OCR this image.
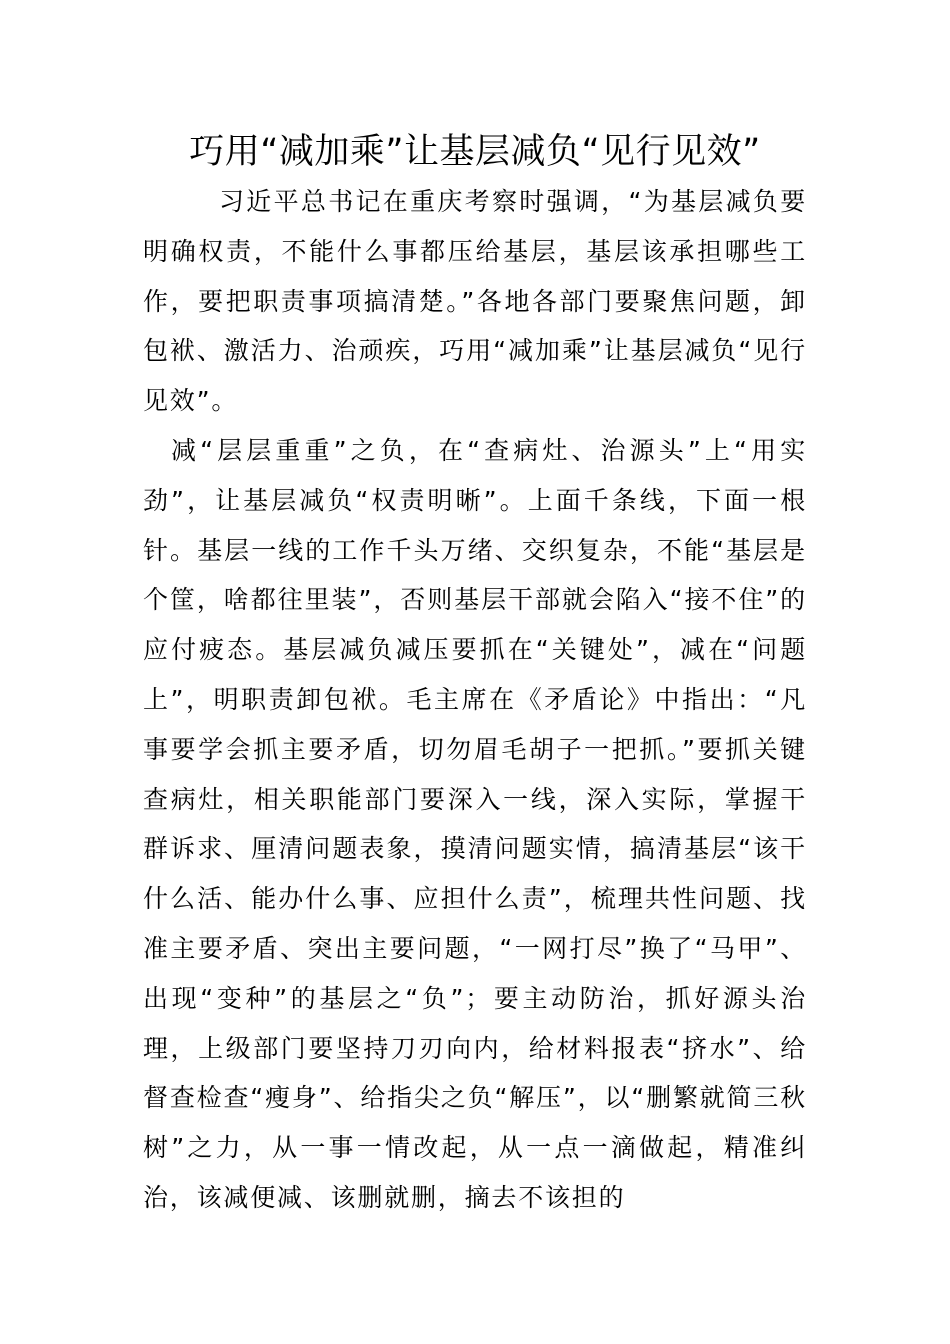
巧用“减加乘”让基层减负“见行见效”

习近平总书记在重庆考察时强调，“为基层减负要明确权责，不能什么事都压给基层，基层该承担哪些工作，要把职责事项搞清楚。”各地各部门要聚焦问题，卸包袱、激活力、治顽疾，巧用“减加乘”让基层减负“见行见效”。

减“层层重重”之负，在“查病灶、治源头”上“用实劲”，让基层减负“权责明晰”。上面千条线，下面一根针。基层一线的工作千头万绪、交织复杂，不能“基层是个筐，啥都往里装”，否则基层干部就会陷入“接不住”的应付疲态。基层减负减压要抓在“关键处”，减在“问题上”，明职责卸包袱。毛主席在《矛盾论》中指出：“凡事要学会抓主要矛盾，切勿眉毛胡子一把抓。”要抓关键查病灶，相关职能部门要深入一线，深入实际，掌握干群诉求、厘清问题表象，摸清问题实情，搞清基层“该干什么活、能办什么事、应担什么责”，梳理共性问题、找准主要矛盾、突出主要问题，“一网打尽”换了“马甲”、出现“变种”的基层之“负”；要主动防治，抓好源头治理，上级部门要坚持刀刃向内，给材料报表“挤水”、给督查检查“瘦身”、给指尖之负“解压”，以“删繁就简三秋树”之力，从一事一情改起，从一点一滴做起，精准纠治，该减便减、该删就删，摘去不该担的
